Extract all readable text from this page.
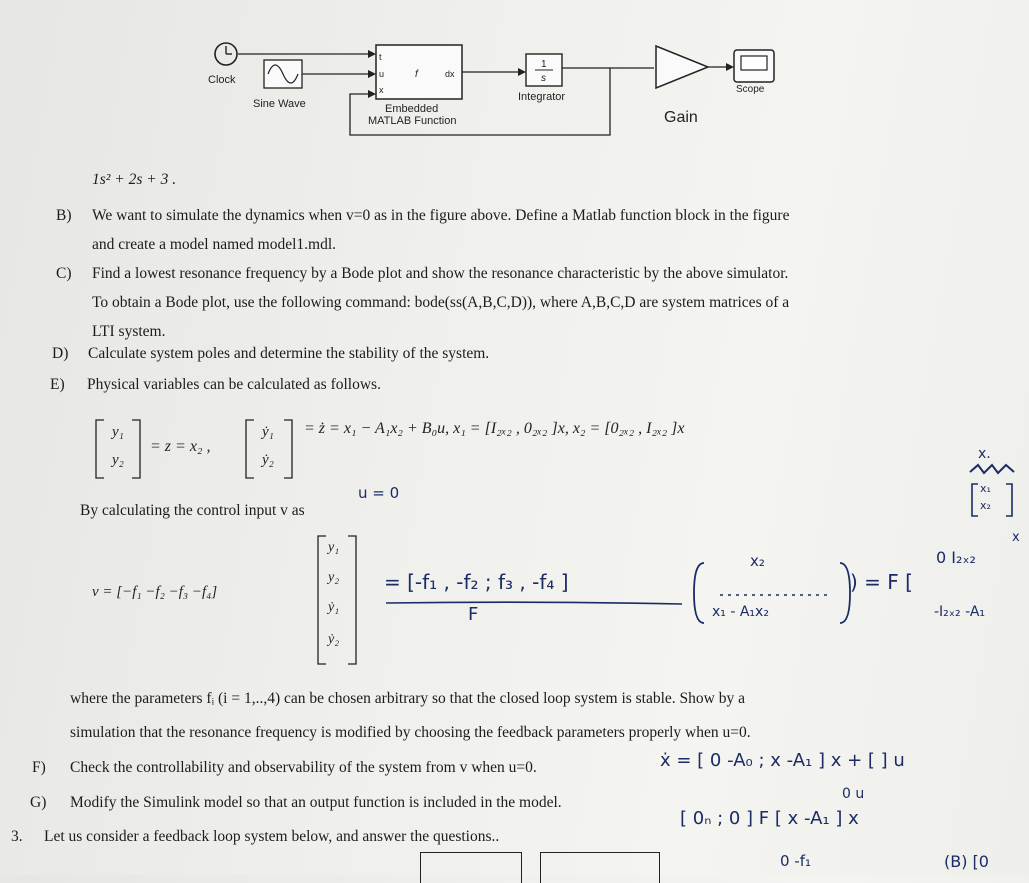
Clock
Sine Wave
t
u
x
f	dx
Embedded
MATLAB Function
1
s
Integrator
Gain
Scope
1s² + 2s + 3 .
B) We want to simulate the dynamics when v=0 as in the figure above. Define a Matlab function block in the figure
and create a model named model1.mdl.
C) Find a lowest resonance frequency by a Bode plot and show the resonance characteristic by the above simulator.
To obtain a Bode plot, use the following command: bode(ss(A,B,C,D)), where A,B,C,D are system matrices of a
LTI system.
D) Calculate system poles and determine the stability of the system.
E) Physical variables can be calculated as follows.
y₁
y₂
= z = x₂ ,
ẏ₁
ẏ₂
= ż = x₁ − A₁x₂ + B₀u, x₁ = [I₂ₓ₂ , 0₂ₓ₂ ]x, x₂ = [0₂ₓ₂ , I₂ₓ₂ ]x
By calculating the control input v as
v = [−f₁ −f₂ −f₃ −f₄]
y₁
y₂
ẏ₁
ẏ₂
where the parameters fᵢ (i = 1,..,4) can be chosen arbitrary so that the closed loop system is stable. Show by a
simulation that the resonance frequency is modified by choosing the feedback parameters properly when u=0.
F) Check the controllability and observability of the system from v when u=0.
G) Modify the Simulink model so that an output function is included in the model.
3. Let us consider a feedback loop system below, and answer the questions..
u = 0
= [-f₁ , -f₂ ; f₃ , -f₄ ]
F
x₂
x₁ - A₁x₂
) = F [
0 I₂ₓ₂
-I₂ₓ₂ -A₁
x.
x₁
x₂
x
ẋ = [ 0 -A₀ ; x -A₁ ] x + [ ] u
0 u
[ 0ₙ ; 0 ] F [ x -A₁ ] x
0 -f₁	(B) [0
